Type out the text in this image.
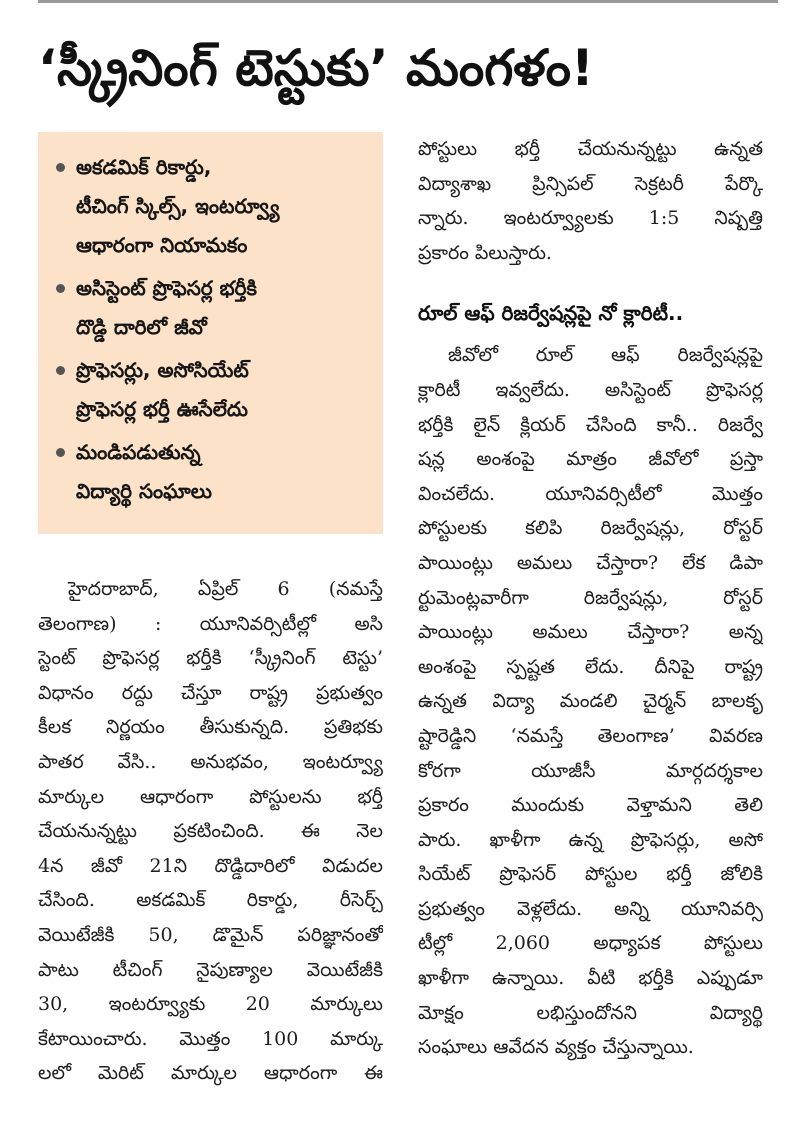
‘స్క్రీనింగ్ టెస్టుకు’ మంగళం!
అకడమిక్ రికార్డు,
టీచింగ్ స్కిల్స్, ఇంటర్వ్యూ
ఆధారంగా నియామకం
అసిస్టెంట్ ప్రొఫెసర్ల భర్తీకి
దొడ్డి దారిలో జీవో
ప్రొఫెసర్లు, అసోసియేట్
ప్రొఫెసర్ల భర్తీ ఊసేలేదు
మండిపడుతున్న
విద్యార్థి సంఘాలు
హైదరాబాద్, ఏప్రిల్ 6 (నమస్తే
తెలంగాణ) : యూనివర్సిటీల్లో అసి
స్టెంట్ ప్రొఫెసర్ల భర్తీకి ‘స్క్రీనింగ్ టెస్టు’
విధానం రద్దు చేస్తూ రాష్ట్ర ప్రభుత్వం
కీలక నిర్ణయం తీసుకున్నది. ప్రతిభకు
పాతర వేసి.. అనుభవం, ఇంటర్వ్యూ
మార్కుల ఆధారంగా పోస్టులను భర్తీ
చేయనున్నట్టు ప్రకటించింది. ఈ నెల
4న జీవో 21ని దొడ్డిదారిలో విడుదల
చేసింది. అకడమిక్ రికార్డు, రీసెర్చ్
వెయిటేజీకి 50, డొమైన్ పరిజ్ఞానంతో
పాటు టీచింగ్ నైపుణ్యాల వెయిటేజీకి
30, ఇంటర్వ్యూకు 20 మార్కులు
కేటాయించారు. మొత్తం 100 మార్కు
లలో మెరిట్ మార్కుల ఆధారంగా ఈ
పోస్టులు భర్తీ చేయనున్నట్టు ఉన్నత
విద్యాశాఖ ప్రిన్సిపల్ సెక్రటరీ పేర్కొ
న్నారు. ఇంటర్వ్యూలకు 1:5 నిష్పత్తి
ప్రకారం పిలుస్తారు.
రూల్ ఆఫ్ రిజర్వేషన్లపై నో క్లారిటీ..
జీవోలో రూల్ ఆఫ్ రిజర్వేషన్లపై
క్లారిటీ ఇవ్వలేదు. అసిస్టెంట్ ప్రొఫెసర్ల
భర్తీకి లైన్ క్లియర్ చేసింది కానీ.. రిజర్వే
షన్ల అంశంపై మాత్రం జీవోలో ప్రస్తా
వించలేదు. యూనివర్సిటీలో మొత్తం
పోస్టులకు కలిపి రిజర్వేషన్లు, రోస్టర్
పాయింట్లు అమలు చేస్తారా? లేక డిపా
ర్టుమెంట్లవారీగా రిజర్వేషన్లు, రోస్టర్
పాయింట్లు అమలు చేస్తారా? అన్న
అంశంపై స్పష్టత లేదు. దీనిపై రాష్ట్ర
ఉన్నత విద్యా మండలి చైర్మన్ బాలకృ
ష్టారెడ్డిని ‘నమస్తే తెలంగాణ’ వివరణ
కోరగా యూజీసీ మార్గదర్శకాల
ప్రకారం ముందుకు వెళ్తామని తెలి
పారు. ఖాళీగా ఉన్న ప్రొఫెసర్లు, అసో
సియేట్ ప్రొఫెసర్ పోస్టుల భర్తీ జోలికి
ప్రభుత్వం వెళ్లలేదు. అన్ని యూనివర్సి
టీల్లో 2,060 అధ్యాపక పోస్టులు
ఖాళీగా ఉన్నాయి. వీటి భర్తీకి ఎప్పుడూ
మోక్షం లభిస్తుందోనని విద్యార్థి
సంఘాలు ఆవేదన వ్యక్తం చేస్తున్నాయి.
